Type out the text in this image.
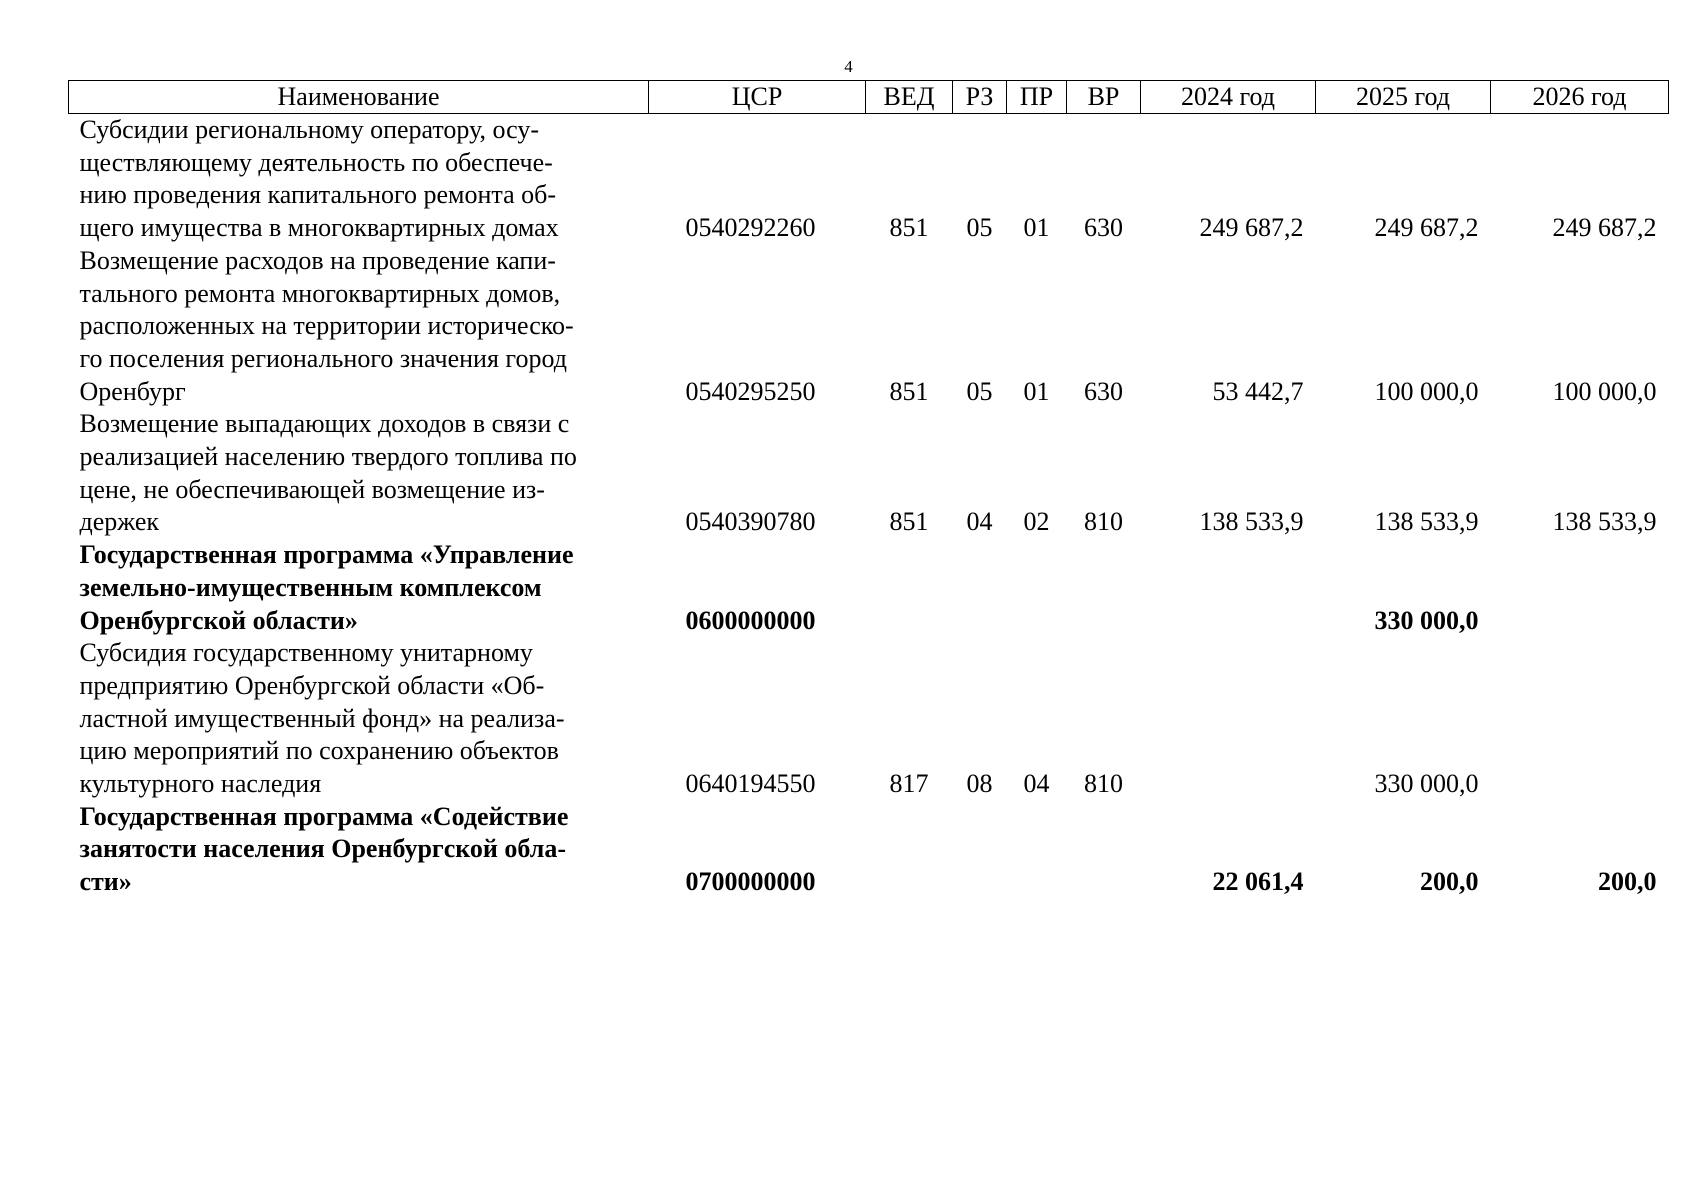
4
Наименование	ЦСР	ВЕД	РЗ	ПР	ВР	2024 год	2025 год	2026 год

Субсидии региональному оператору, осу-
ществляющему деятельность по обеспече-
нию проведения капитального ремонта об-
щего имущества в многоквартирных домах	0540292260	851	05	01	630	249 687,2	249 687,2	249 687,2

Возмещение расходов на проведение капи-
тального ремонта многоквартирных домов,
расположенных на территории историческо-
го поселения регионального значения город
Оренбург	0540295250	851	05	01	630	53 442,7	100 000,0	100 000,0

Возмещение выпадающих доходов в связи с
реализацией населению твердого топлива по
цене, не обеспечивающей возмещение из-
держек	0540390780	851	04	02	810	138 533,9	138 533,9	138 533,9

Государственная программа «Управление
земельно-имущественным комплексом
Оренбургской области»	0600000000						330 000,0	

Субсидия государственному унитарному
предприятию Оренбургской области «Об-
ластной имущественный фонд» на реализа-
цию мероприятий по сохранению объектов
культурного наследия	0640194550	817	08	04	810		330 000,0	

Государственная программа «Содействие
занятости населения Оренбургской обла-
сти»	0700000000					22 061,4	200,0	200,0
